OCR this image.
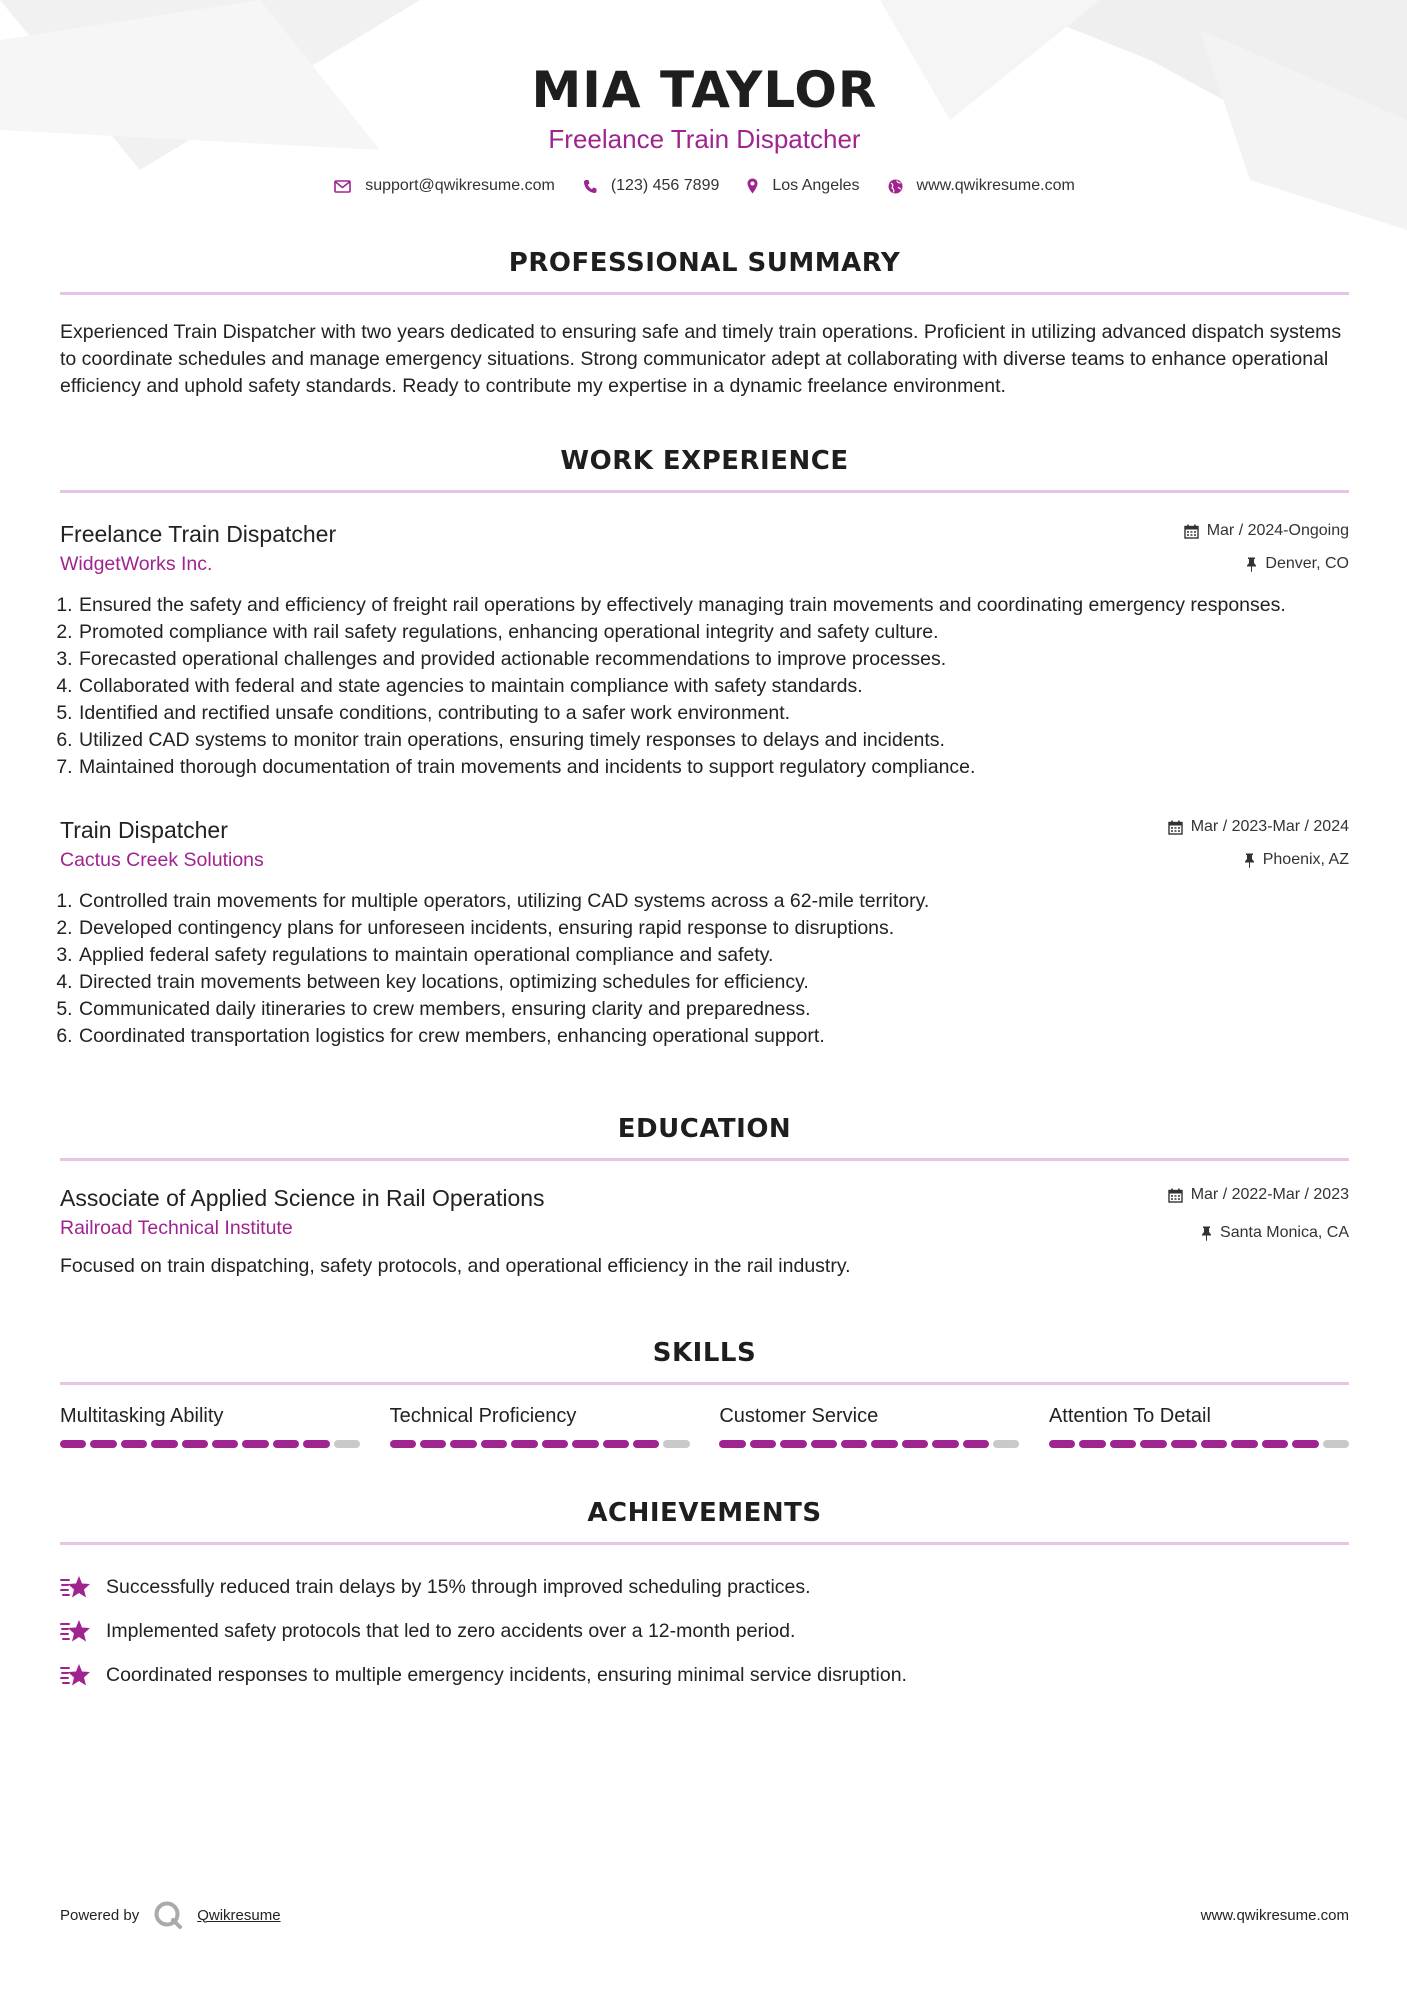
MIA TAYLOR
Freelance Train Dispatcher
support@qwikresume.com	(123) 456 7899	Los Angeles	www.qwikresume.com
PROFESSIONAL SUMMARY

Experienced Train Dispatcher with two years dedicated to ensuring safe and timely train operations. Proficient in utilizing advanced dispatch systems to coordinate schedules and manage emergency situations. Strong communicator adept at collaborating with diverse teams to enhance operational efficiency and uphold safety standards. Ready to contribute my expertise in a dynamic freelance environment.

WORK EXPERIENCE
Freelance Train Dispatcher
WidgetWorks Inc.
Mar / 2024-Ongoing
Denver, CO
1. Ensured the safety and efficiency of freight rail operations by effectively managing train movements and coordinating emergency responses.
2. Promoted compliance with rail safety regulations, enhancing operational integrity and safety culture.
3. Forecasted operational challenges and provided actionable recommendations to improve processes.
4. Collaborated with federal and state agencies to maintain compliance with safety standards.
5. Identified and rectified unsafe conditions, contributing to a safer work environment.
6. Utilized CAD systems to monitor train operations, ensuring timely responses to delays and incidents.
7. Maintained thorough documentation of train movements and incidents to support regulatory compliance.
Train Dispatcher
Cactus Creek Solutions
Mar / 2023-Mar / 2024
Phoenix, AZ
1. Controlled train movements for multiple operators, utilizing CAD systems across a 62-mile territory.
2. Developed contingency plans for unforeseen incidents, ensuring rapid response to disruptions.
3. Applied federal safety regulations to maintain operational compliance and safety.
4. Directed train movements between key locations, optimizing schedules for efficiency.
5. Communicated daily itineraries to crew members, ensuring clarity and preparedness.
6. Coordinated transportation logistics for crew members, enhancing operational support.
EDUCATION
Associate of Applied Science in Rail Operations
Railroad Technical Institute
Mar / 2022-Mar / 2023
Santa Monica, CA

Focused on train dispatching, safety protocols, and operational efficiency in the rail industry.

SKILLS
Multitasking Ability	Technical Proficiency	Customer Service	Attention To Detail
ACHIEVEMENTS
Successfully reduced train delays by 15% through improved scheduling practices.
Implemented safety protocols that led to zero accidents over a 12-month period.
Coordinated responses to multiple emergency incidents, ensuring minimal service disruption.
Powered by	Qwikresume	www.qwikresume.com
